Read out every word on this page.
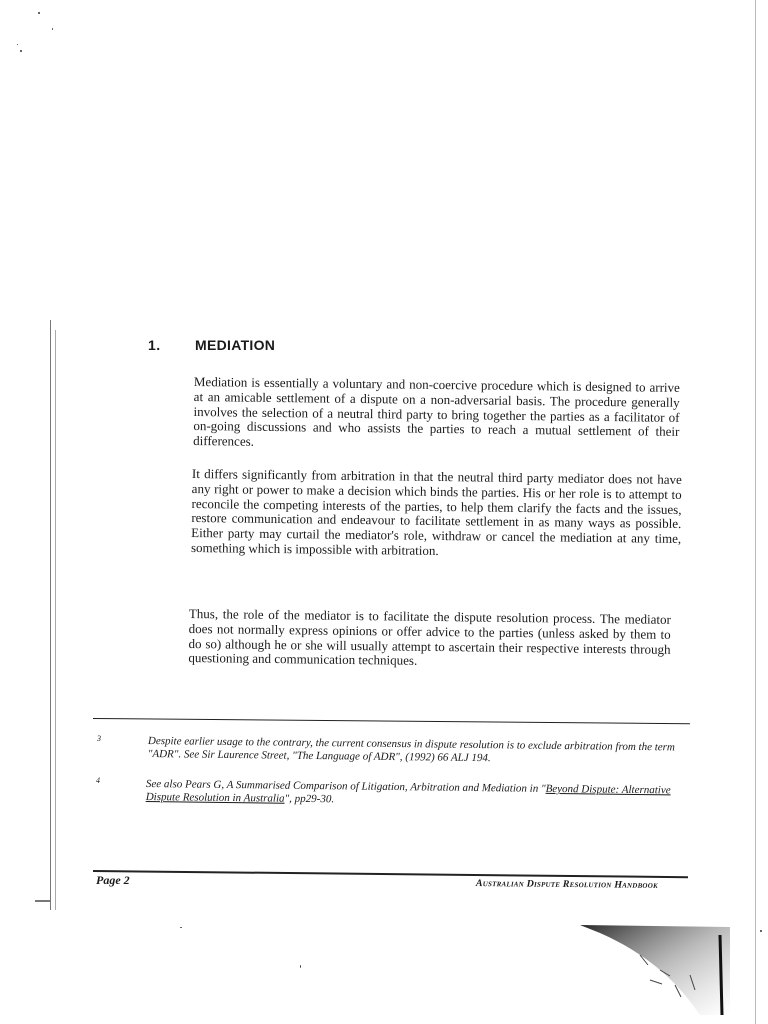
1. MEDIATION

Mediation is essentially a voluntary and non-coercive procedure which is designed to arrive at an amicable settlement of a dispute on a non-adversarial basis. The procedure generally involves the selection of a neutral third party to bring together the parties as a facilitator of on-going discussions and who assists the parties to reach a mutual settlement of their differences.

It differs significantly from arbitration in that the neutral third party mediator does not have any right or power to make a decision which binds the parties. His or her role is to attempt to reconcile the competing interests of the parties, to help them clarify the facts and the issues, restore communication and endeavour to facilitate settlement in as many ways as possible. Either party may curtail the mediator's role, withdraw or cancel the mediation at any time, something which is impossible with arbitration.

Thus, the role of the mediator is to facilitate the dispute resolution process. The mediator does not normally express opinions or offer advice to the parties (unless asked by them to do so) although he or she will usually attempt to ascertain their respective interests through questioning and communication techniques.

3	Despite earlier usage to the contrary, the current consensus in dispute resolution is to exclude arbitration from the term "ADR". See Sir Laurence Street, "The Language of ADR", (1992) 66 ALJ 194.

4	See also Pears G, A Summarised Comparison of Litigation, Arbitration and Mediation in "Beyond Dispute: Alternative Dispute Resolution in Australia", pp29-30.

Page 2	Australian Dispute Resolution Handbook
